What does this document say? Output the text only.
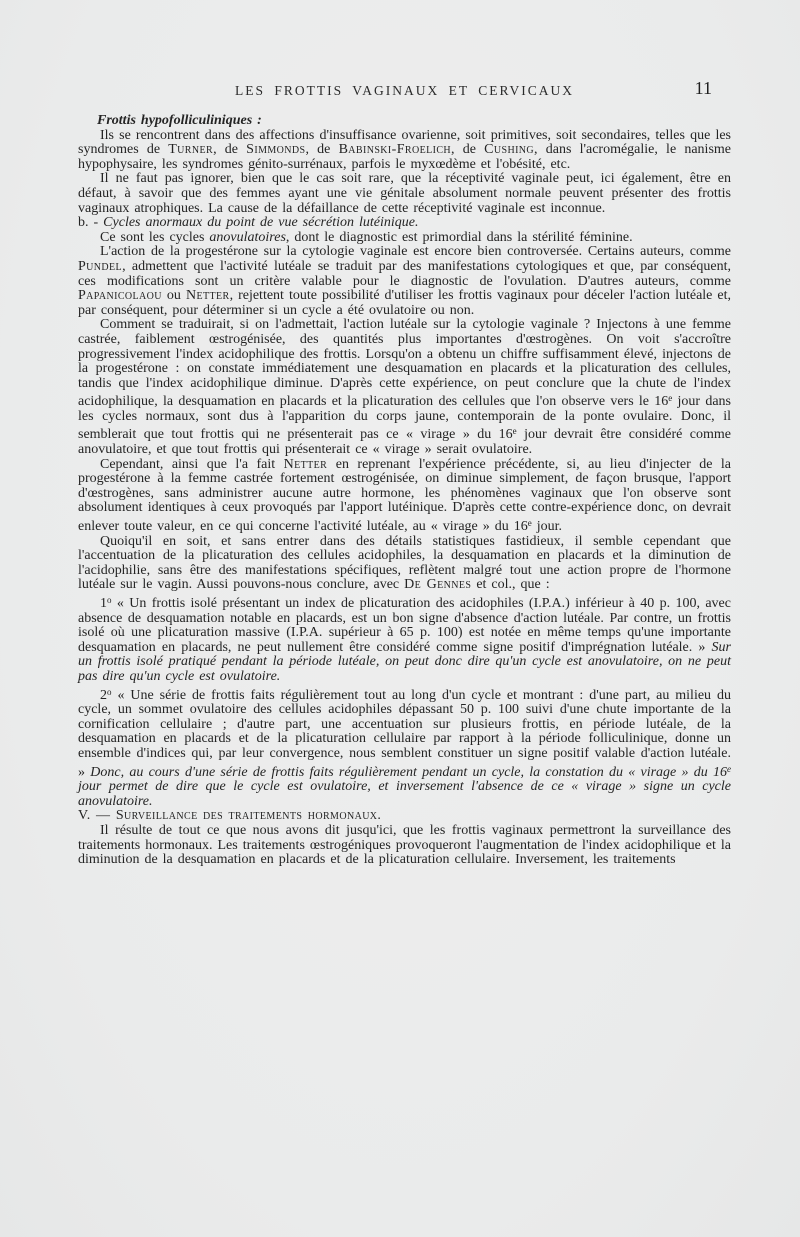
LES FROTTIS VAGINAUX ET CERVICAUX	11

Frottis hypofolliculiniques :

Ils se rencontrent dans des affections d'insuffisance ovarienne, soit primitives, soit secondaires, telles que les syndromes de Turner, de Simmonds, de Babinski-Froelich, de Cushing, dans l'acromégalie, le nanisme hypophysaire, les syndromes génito-surrénaux, parfois le myxœdème et l'obésité, etc.

Il ne faut pas ignorer, bien que le cas soit rare, que la réceptivité vaginale peut, ici également, être en défaut, à savoir que des femmes ayant une vie génitale absolument normale peuvent présenter des frottis vaginaux atrophiques. La cause de la défaillance de cette réceptivité vaginale est inconnue.

b. - Cycles anormaux du point de vue sécrétion lutéinique.

Ce sont les cycles anovulatoires, dont le diagnostic est primordial dans la stérilité féminine.

L'action de la progestérone sur la cytologie vaginale est encore bien controversée. Certains auteurs, comme Pundel, admettent que l'activité lutéale se traduit par des manifestations cytologiques et que, par conséquent, ces modifications sont un critère valable pour le diagnostic de l'ovulation. D'autres auteurs, comme Papanicolaou ou Netter, rejettent toute possibilité d'utiliser les frottis vaginaux pour déceler l'action lutéale et, par conséquent, pour déterminer si un cycle a été ovulatoire ou non.

Comment se traduirait, si on l'admettait, l'action lutéale sur la cytologie vaginale ? Injectons à une femme castrée, faiblement œstrogénisée, des quantités plus importantes d'œstrogènes. On voit s'accroître progressivement l'index acidophilique des frottis. Lorsqu'on a obtenu un chiffre suffisamment élevé, injectons de la progestérone : on constate immédiatement une desquamation en placards et la plicaturation des cellules, tandis que l'index acidophilique diminue. D'après cette expérience, on peut conclure que la chute de l'index acidophilique, la desquamation en placards et la plicaturation des cellules que l'on observe vers le 16e jour dans les cycles normaux, sont dus à l'apparition du corps jaune, contemporain de la ponte ovulaire. Donc, il semblerait que tout frottis qui ne présenterait pas ce « virage » du 16e jour devrait être considéré comme anovulatoire, et que tout frottis qui présenterait ce « virage » serait ovulatoire.

Cependant, ainsi que l'a fait Netter en reprenant l'expérience précédente, si, au lieu d'injecter de la progestérone à la femme castrée fortement œstrogénisée, on diminue simplement, de façon brusque, l'apport d'œstrogènes, sans administrer aucune autre hormone, les phénomènes vaginaux que l'on observe sont absolument identiques à ceux provoqués par l'apport lutéinique. D'après cette contre-expérience donc, on devrait enlever toute valeur, en ce qui concerne l'activité lutéale, au « virage » du 16e jour.

Quoiqu'il en soit, et sans entrer dans des détails statistiques fastidieux, il semble cependant que l'accentuation de la plicaturation des cellules acidophiles, la desquamation en placards et la diminution de l'acidophilie, sans être des manifestations spécifiques, reflètent malgré tout une action propre de l'hormone lutéale sur le vagin. Aussi pouvons-nous conclure, avec De Gennes et col., que :

1$^o$ « Un frottis isolé présentant un index de plicaturation des acidophiles (I.P.A.) inférieur à 40 p. 100, avec absence de desquamation notable en placards, est un bon signe d'absence d'action lutéale. Par contre, un frottis isolé où une plicaturation massive (I.P.A. supérieur à 65 p. 100) est notée en même temps qu'une importante desquamation en placards, ne peut nullement être considéré comme signe positif d'imprégnation lutéale. » Sur un frottis isolé pratiqué pendant la période lutéale, on peut donc dire qu'un cycle est anovulatoire, on ne peut pas dire qu'un cycle est ovulatoire.

2$^o$ « Une série de frottis faits régulièrement tout au long d'un cycle et montrant : d'une part, au milieu du cycle, un sommet ovulatoire des cellules acidophiles dépassant 50 p. 100 suivi d'une chute importante de la cornification cellulaire ; d'autre part, une accentuation sur plusieurs frottis, en période lutéale, de la desquamation en placards et de la plicaturation cellulaire par rapport à la période folliculinique, donne un ensemble d'indices qui, par leur convergence, nous semblent constituer un signe positif valable d'action lutéale. » Donc, au cours d'une série de frottis faits régulièrement pendant un cycle, la constation du « virage » du 16e jour permet de dire que le cycle est ovulatoire, et inversement l'absence de ce « virage » signe un cycle anovulatoire.

V. — Surveillance des traitements hormonaux.

Il résulte de tout ce que nous avons dit jusqu'ici, que les frottis vaginaux permettront la surveillance des traitements hormonaux. Les traitements œstrogéniques provoqueront l'augmentation de l'index acidophilique et la diminution de la desquamation en placards et de la plicaturation cellulaire. Inversement, les traitements
